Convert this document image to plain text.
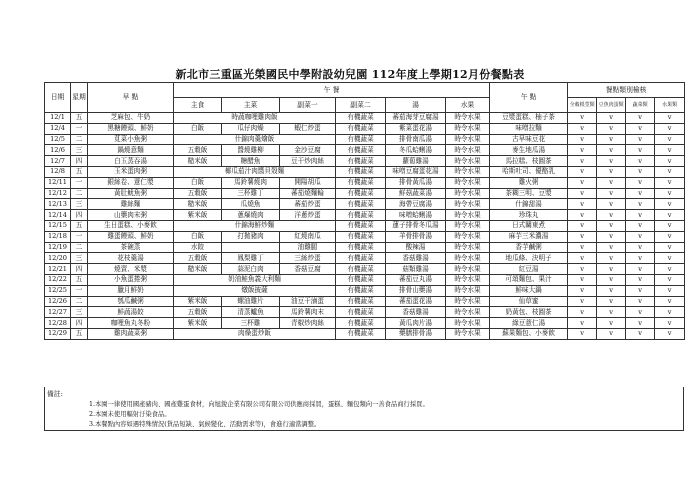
新北市三重區光榮國民中學附設幼兒園 112年度上學期12月份餐點表
日期	星期	早 點	午 餐						午 點	餐點類別檢核			
			主食	主菜	副菜一	副菜二	湯	水果		全穀根莖類	豆魚肉蛋類	蔬菜類	水果類
12/1	五	芝麻包、牛奶	時蔬咖哩雞肉飯			有機蔬菜	蕃茄海芽豆腐湯	時令水果	豆漿蛋糕、柚子茶	v	v	v	v
12/4	一	黑糖饅頭、鮮奶	白飯	瓜仔肉燥	蝦仁炒蛋	有機蔬菜	紫菜蛋花湯	時令水果	味噌拉麵	v	v	v	v
12/5	二	莧菜小魚粥	什錦肉羹燴飯			有機蔬菜	排骨南瓜湯	時令水果	古早味豆花	v	v	v	v
12/6	三	鍋燒意麵	五穀飯	醬燒雞柳	金沙豆腐	有機蔬菜	冬瓜蛤蜊湯	時令水果	麥生地瓜湯	v	v	v	v
12/7	四	白玉蒸吞湯	糙米飯	糖醋魚	豆干炒肉絲	有機蔬菜	蘿蔔雞湯	時令水果	馬拉糕、枝圓茶	v	v	v	v
12/8	五	玉米蛋肉粥	椰瓜茄汁肉醬貝殼麵			有機蔬菜	味噌豆腐蛋花湯	時令水果	哈斯吐司、優酪乳	v	v	v	v
12/11	一	銀絲卷、薏仁漿	白飯	馬鈴薯燒肉	開陽胡瓜	有機蔬菜	排骨黃瓜湯	時令水果	雞火粥	v	v	v	v
12/12	二	黃肚魷魚粥	五穀飯	三杯雞丁	蕃茄燒麵輪	有機蔬菜	鮮菇蔬菜湯	時令水果	茶糊三明、豆漿	v	v	v	v
12/13	三	雞絲麵	糙米飯	瓜燒魚	蕃茄炒蛋	有機蔬菜	海帶豆腐湯	時令水果	什錦甜湯	v	v	v	v
12/14	四	山藥肉末粥	紫米飯	蔥爆燒肉	洋蔥炒蛋	有機蔬菜	味噌蛤蜊湯	時令水果	珍珠丸	v	v	v	v
12/15	五	生日蛋糕、小麥飲	什錦海鮮炒麵			有機蔬菜	蓮子排骨冬瓜湯	時令水果	日式關東煮	v	v	v	v
12/18	一	雞蛋饅頭、鮮奶	白飯	打拋豬肉	紅燒南瓜	有機蔬菜	羊骨排骨湯	時令水果	麻芋三米濃湯	v	v	v	v
12/19	二	茶碗蒸	水餃		油雞腿	有機蔬菜	酸辣湯	時令水果	香芋鹹粥	v	v	v	v
12/20	三	花枝羹湯	五穀飯	鳳梨雞丁	三絲炒蛋	有機蔬菜	香菇雞湯	時令水果	地瓜條、決明子	v	v	v	v
12/21	四	燒賣、米漿	糙米飯	蒜泥白肉	香菇豆腐	有機蔬菜	菇類雞湯	時令水果	紅豆湯	v	v	v	v
12/22	五	小魚蛋捲粥	奶油鮭魚義大利麵			有機蔬菜	蕃茄豆丸湯	時令水果	可頌麵包、果汁	v	v	v	v
12/25	一	臘月鮮奶	燉飯披薩			有機蔬菜	排骨山藥湯	時令水果	鮮味大鍋	v	v	v	v
12/26	二	瓠瓜鹹粥	紫米飯	螺油雞片	油豆干滷蛋	有機蔬菜	蕃茄蛋花湯	時令水果	仙草蜜	v	v	v	v
12/27	三	鮮蔬湯餃	五穀飯	清蒸鱸魚	馬鈴薯肉末	有機蔬菜	香菇雞湯	時令水果	奶黃包、枝圓茶	v	v	v	v
12/28	四	咖哩魚丸冬粉	紫米飯	三杯雞	青椒炒肉絲	有機蔬菜	黃瓜肉片湯	時令水果	綠豆薏仁湯	v	v	v	v
12/29	五	雞肉蔬菜粥	肉燥蛋炒飯			有機蔬菜	藥膳排骨湯	時令水果	蘇果麵包、小麥飲	v	v	v	v
備註:
1.本園一律使用國產豬肉、國產雞蛋食材，向旭銳企業有限公司有限公司供應商採買，蛋糕、麵包類向一善食品商行採買。
2.本園未使用輻射汙染食品。
3.本餐點內容如遇特殊情況(貨品短缺、氣候變化、活動需求等)，會進行適當調整。
